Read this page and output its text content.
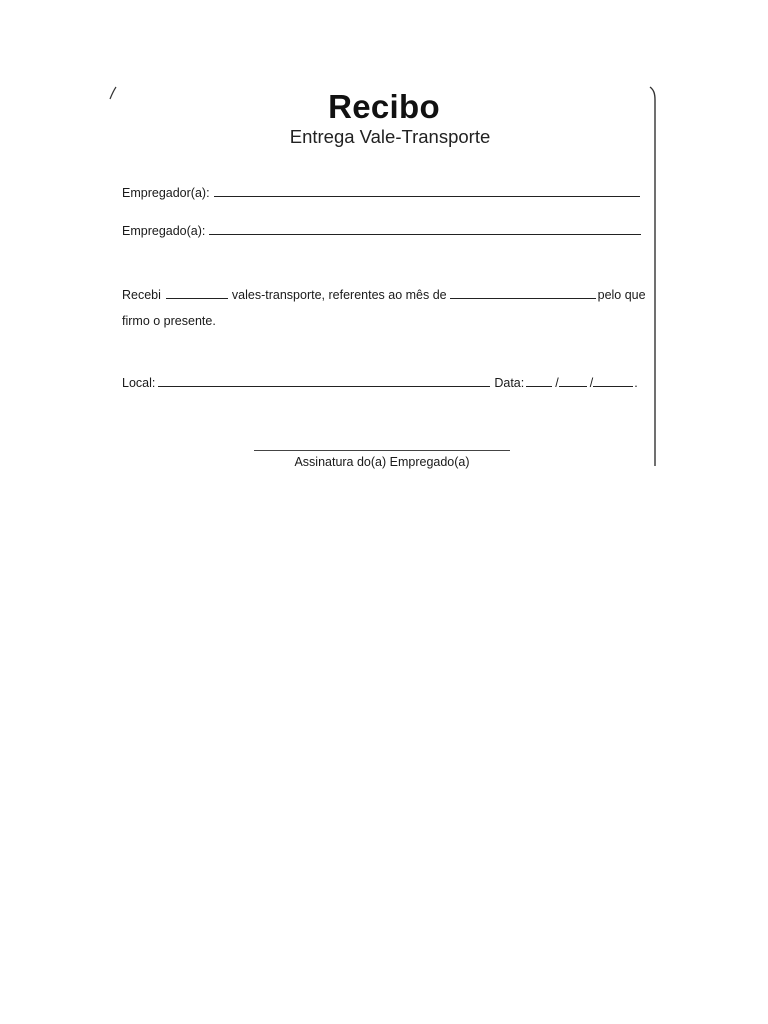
Recibo
Entrega Vale-Transporte
Empregador(a):
Empregado(a):
Recebi	vales-transporte, referentes ao mês de	pelo que
firmo o presente.
Local:	Data: / /	.
Assinatura do(a) Empregado(a)
